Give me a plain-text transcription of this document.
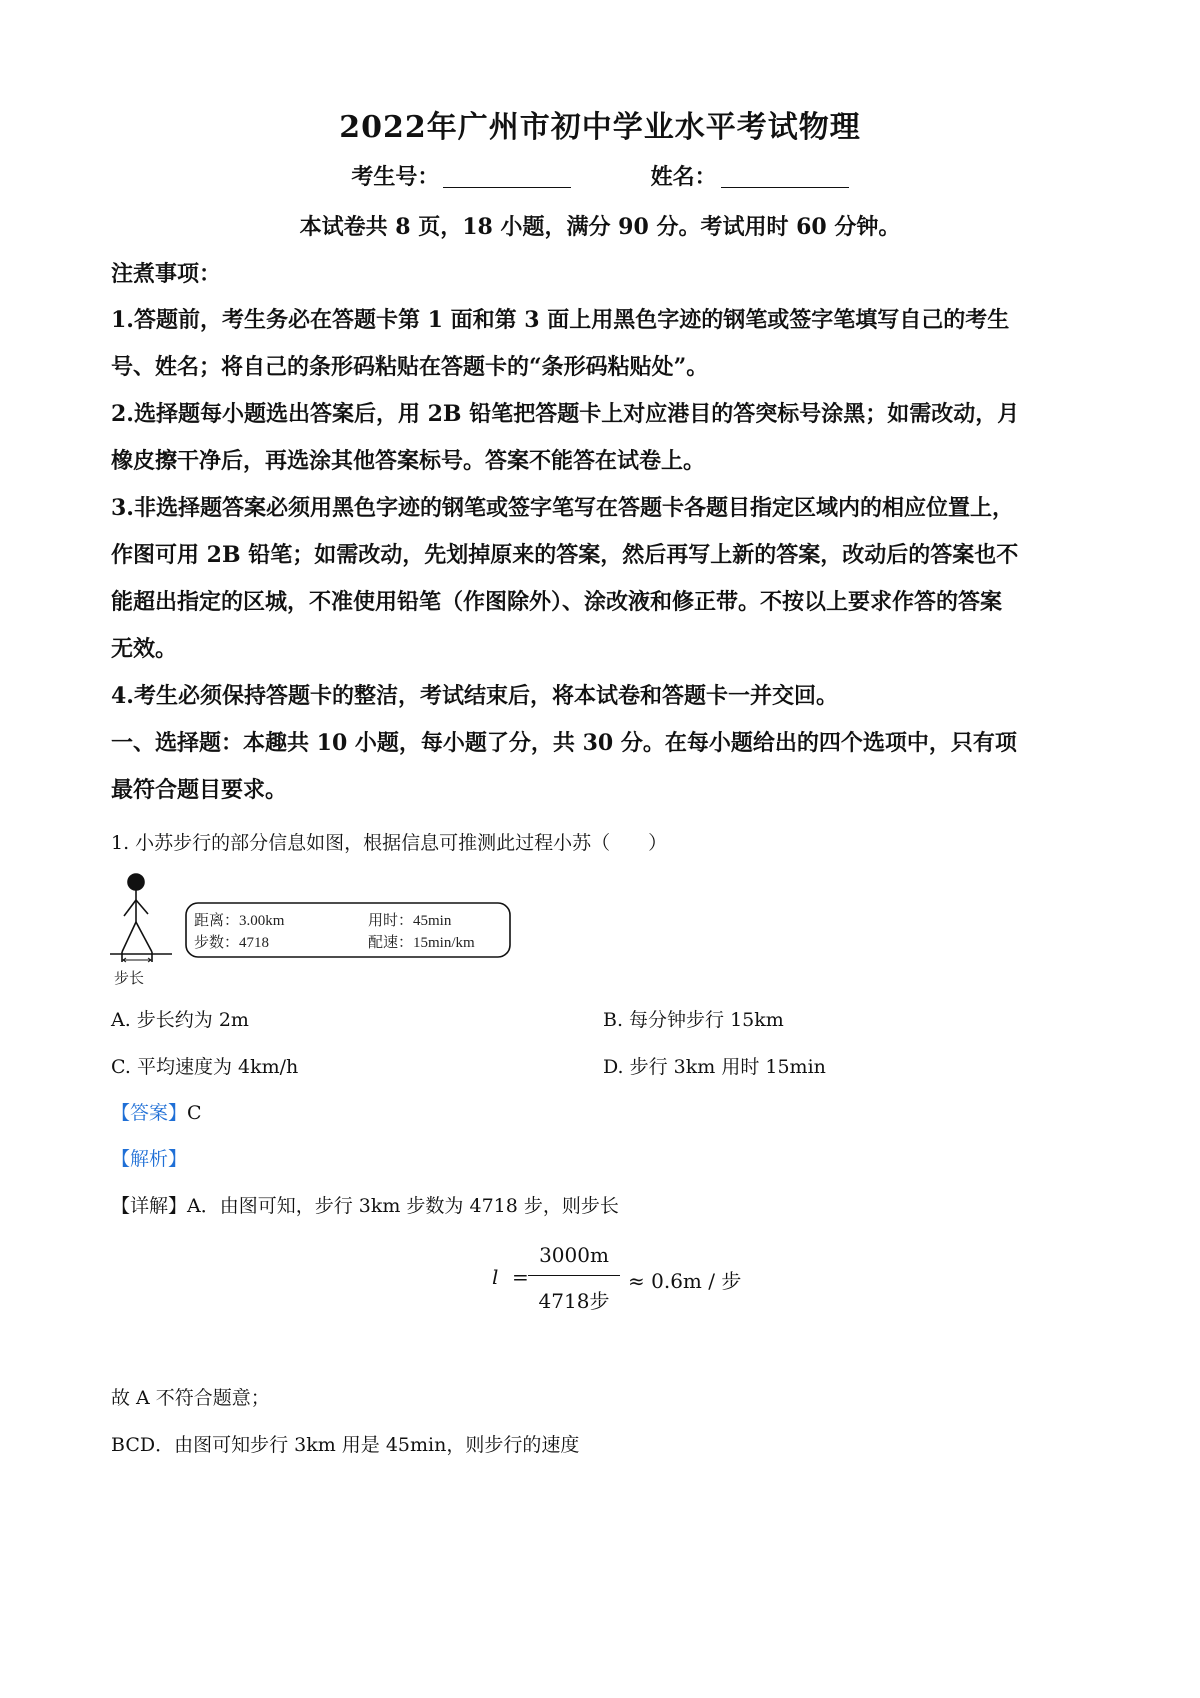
2022年广州市初中学业水平考试物理
考生号：	姓名：
本试卷共 8 页，18 小题，满分 90 分。考试用时 60 分钟。
注煮事项：
1.答题前，考生务必在答题卡第 1 面和第 3 面上用黑色字迹的钢笔或签字笔填写自己的考生
号、姓名；将自己的条形码粘贴在答题卡的“条形码粘贴处”。
2.选择题每小题选出答案后，用 2B 铅笔把答题卡上对应港目的答突标号涂黑；如需改动，月
橡皮擦干净后，再选涂其他答案标号。答案不能答在试卷上。
3.非选择题答案必须用黑色字迹的钢笔或签字笔写在答题卡各题目指定区域内的相应位置上，
作图可用 2B 铅笔；如需改动，先划掉原来的答案，然后再写上新的答案，改动后的答案也不
能超出指定的区城，不准使用铅笔（作图除外）、涂改液和修正带。不按以上要求作答的答案
无效。
4.考生必须保持答题卡的整洁，考试结束后，将本试卷和答题卡一并交回。
一、选择题：本趣共 10 小题，每小题了分，共 30 分。在每小题给出的四个选项中，只有项
最符合题目要求。
1. 小苏步行的部分信息如图，根据信息可推测此过程小苏（　　）
步长
距离：3.00km
步数：4718
用时：45min
配速：15min/km
A. 步长约为 2m	B. 每分钟步行 15km
C. 平均速度为 4km/h	D. 步行 3km 用时 15min
【答案】C
【解析】
【详解】A．由图可知，步行 3km 步数为 4718 步，则步长
l =
3000m
4718步
≈ 0.6m / 步
故 A 不符合题意；
BCD．由图可知步行 3km 用是 45min，则步行的速度
